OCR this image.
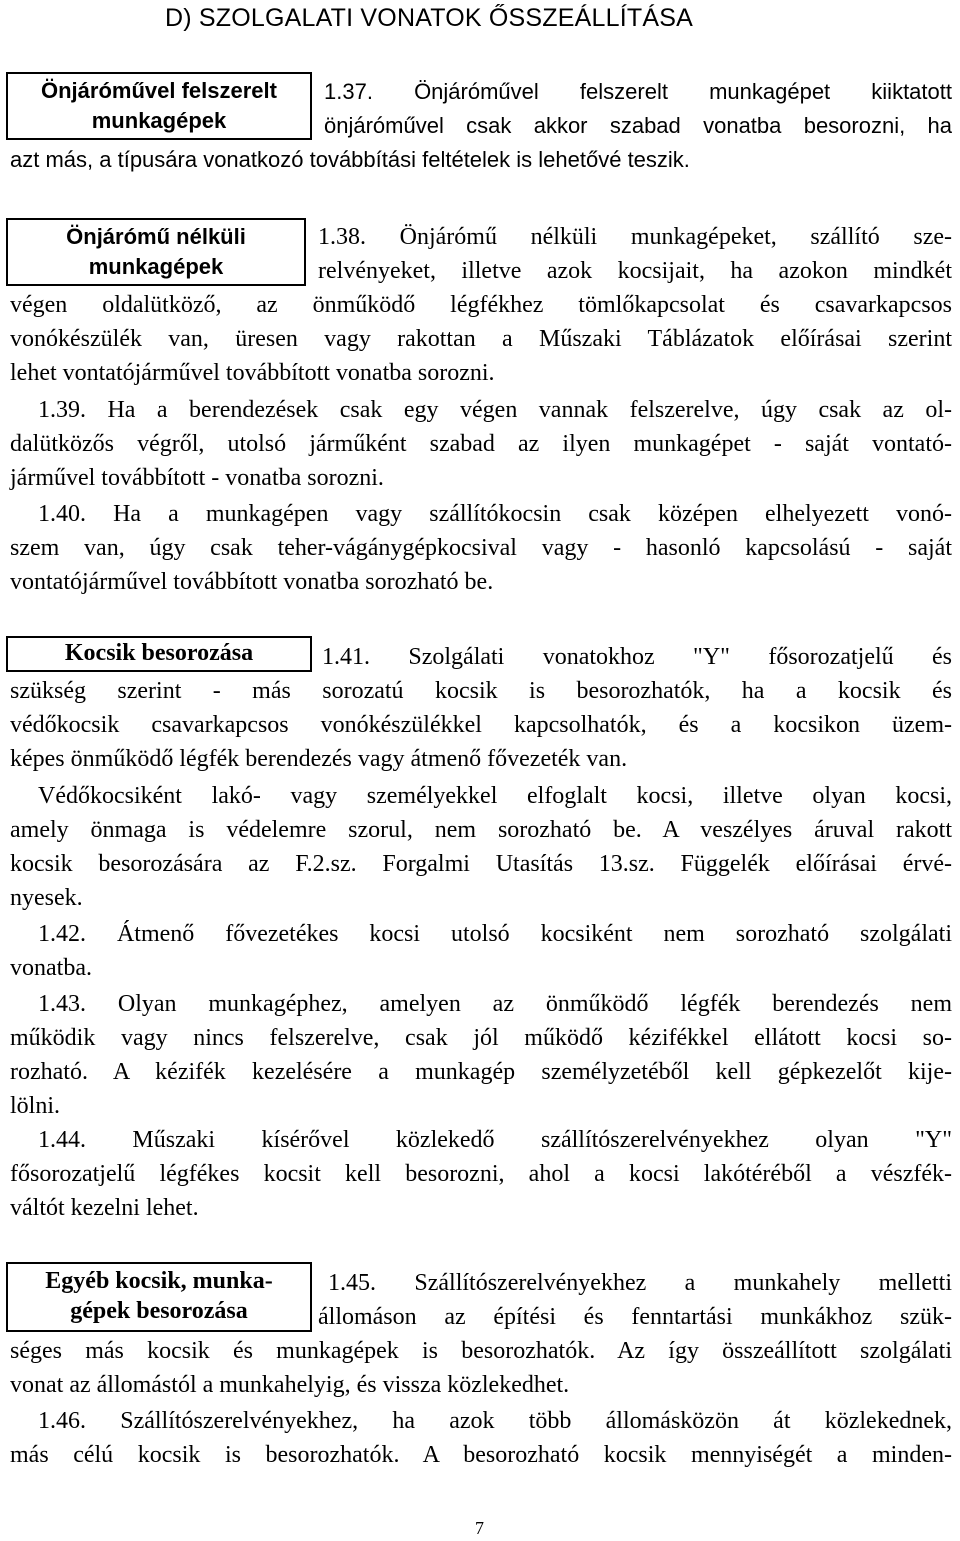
D) SZOLGALATI VONATOK ŐSSZEÁLLÍTÁSA
Önjáróművel felszerelt
munkagépek
1.37. Önjáróművel felszerelt munkagépet kiiktatott
önjáróművel csak akkor szabad vonatba besorozni, ha
azt más, a típusára vonatkozó továbbítási feltételek is lehetővé teszik.
Önjárómű nélküli
munkagépek
1.38. Önjárómű nélküli munkagépeket, szállító sze-
relvényeket, illetve azok kocsijait, ha azokon mindkét
végen oldalütköző, az önműködő légfékhez tömlőkapcsolat és csavarkapcsos
vonókészülék van, üresen vagy rakottan a Műszaki Táblázatok előírásai szerint
lehet vontatójárművel továbbított vonatba sorozni.
1.39. Ha a berendezések csak egy végen vannak felszerelve, úgy csak az ol-
dalütközős végről, utolsó járműként szabad az ilyen munkagépet - saját vontató-
járművel továbbított - vonatba sorozni.
1.40. Ha a munkagépen vagy szállítókocsin csak középen elhelyezett vonó-
szem van, úgy csak teher-vágánygépkocsival vagy - hasonló kapcsolású - saját
vontatójárművel továbbított vonatba sorozható be.
Kocsik besorozása	1.41. Szolgálati vonatokhoz "Y" fősorozatjelű és
szükség szerint - más sorozatú kocsik is besorozhatók, ha a kocsik és
védőkocsik csavarkapcsos vonókészülékkel kapcsolhatók, és a kocsikon üzem-
képes önműködő légfék berendezés vagy átmenő fővezeték van.
Védőkocsiként lakó- vagy személyekkel elfoglalt kocsi, illetve olyan kocsi,
amely önmaga is védelemre szorul, nem sorozható be. A veszélyes áruval rakott
kocsik besorozására az F.2.sz. Forgalmi Utasítás 13.sz. Függelék előírásai érvé-
nyesek.
1.42. Átmenő fővezetékes kocsi utolsó kocsiként nem sorozható szolgálati
vonatba.
1.43. Olyan munkagéphez, amelyen az önműködő légfék berendezés nem
működik vagy nincs felszerelve, csak jól működő kézifékkel ellátott kocsi so-
rozható. A kézifék kezelésére a munkagép személyzetéből kell gépkezelőt kije-
lölni.
1.44. Műszaki kísérővel közlekedő szállítószerelvényekhez olyan "Y"
fősorozatjelű légfékes kocsit kell besorozni, ahol a kocsi lakótéréből a vészfék-
váltót kezelni lehet.
Egyéb kocsik, munka-
gépek besorozása
1.45. Szállítószerelvényekhez a munkahely melletti
állomáson az építési és fenntartási munkákhoz szük-
séges más kocsik és munkagépek is besorozhatók. Az így összeállított szolgálati
vonat az állomástól a munkahelyig, és vissza közlekedhet.
1.46. Szállítószerelvényekhez, ha azok több állomásközön át közlekednek,
más célú kocsik is besorozhatók. A besorozható kocsik mennyiségét a minden-
7
